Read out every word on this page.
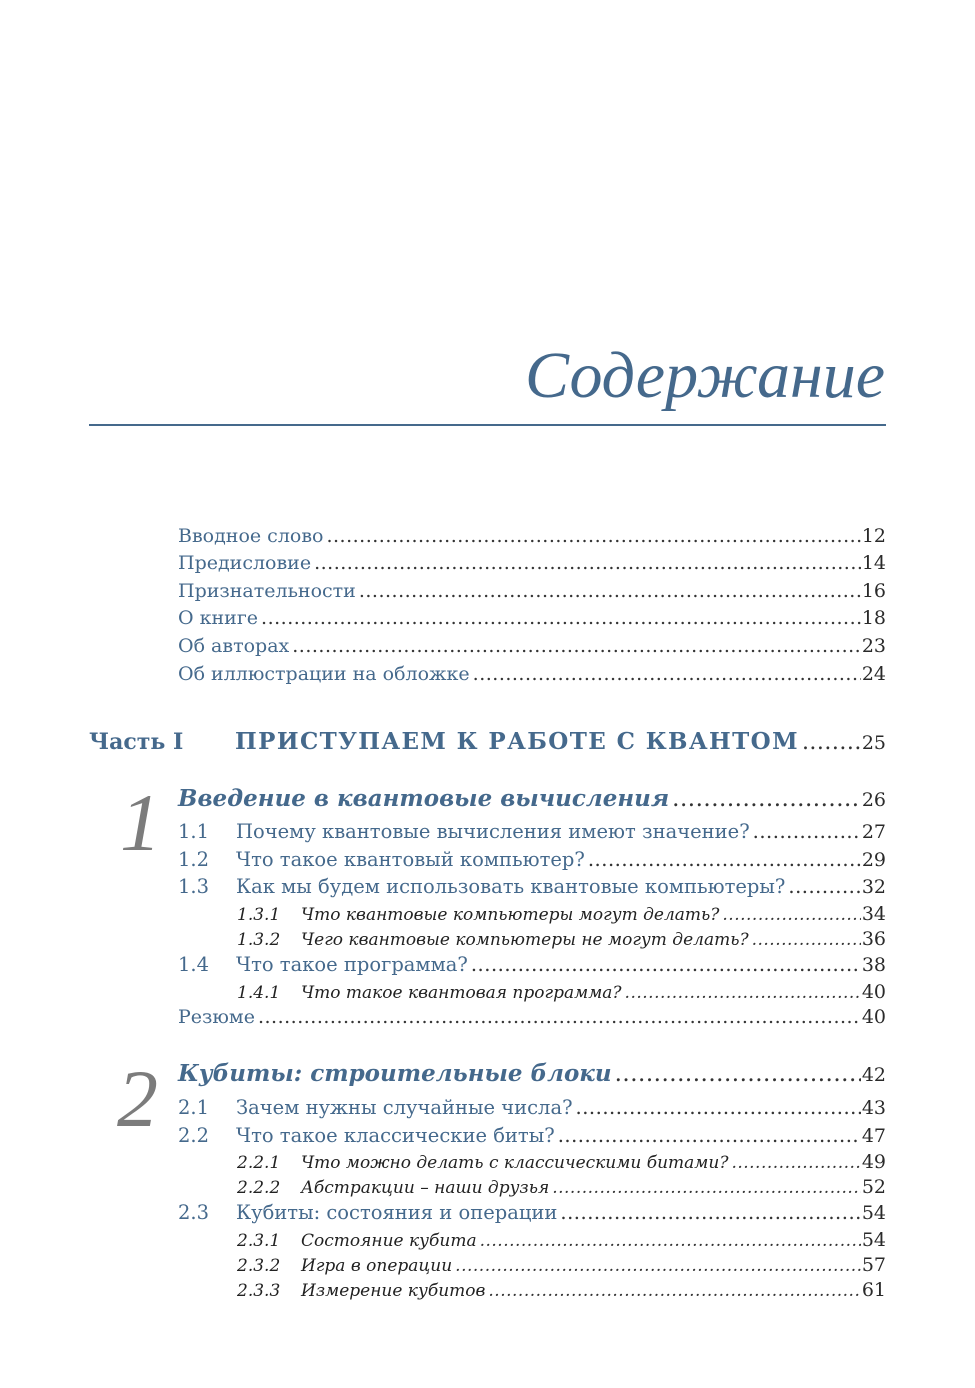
Содержание
Вводное слово .....	12
Предисловие .....	14
Признательности .....	16
О книге .....	18
Об авторах .....	23
Об иллюстрации на обложке .....	24
Часть I	ПРИСТУПАЕМ К РАБОТЕ С КВАНТОМ .....	25
1 Введение в квантовые вычисления .....	26
1.1	Почему квантовые вычисления имеют значение? .....	27
1.2	Что такое квантовый компьютер? .....	29
1.3	Как мы будем использовать квантовые компьютеры? .....	32
1.3.1	Что квантовые компьютеры могут делать? .....	34
1.3.2	Чего квантовые компьютеры не могут делать? .....	36
1.4	Что такое программа? .....	38
1.4.1	Что такое квантовая программа? .....	40
Резюме .....	40
2 Кубиты: строительные блоки .....	42
2.1	Зачем нужны случайные числа? .....	43
2.2	Что такое классические биты? .....	47
2.2.1	Что можно делать с классическими битами? .....	49
2.2.2	Абстракции – наши друзья .....	52
2.3	Кубиты: состояния и операции .....	54
2.3.1	Состояние кубита .....	54
2.3.2	Игра в операции .....	57
2.3.3	Измерение кубитов .....	61
